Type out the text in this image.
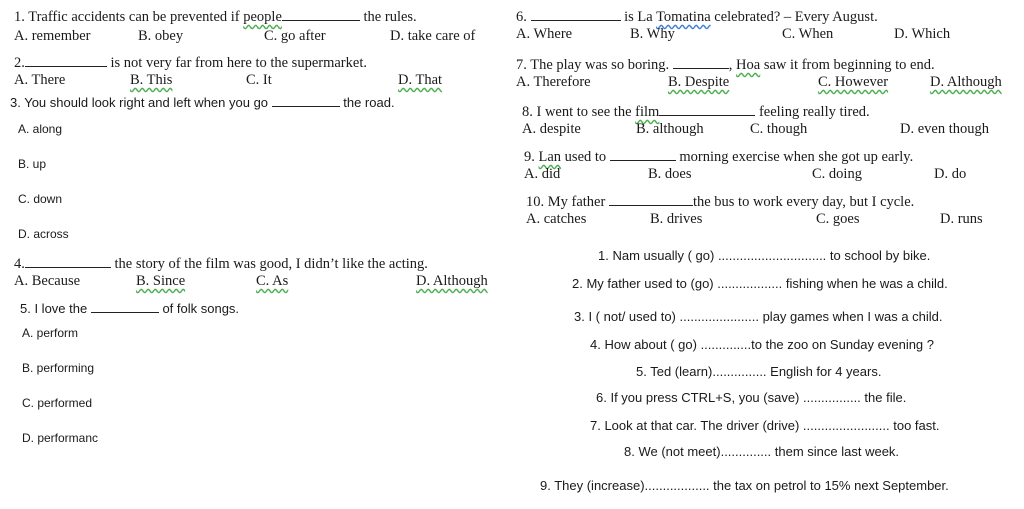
1. Traffic accidents can be prevented if people	the rules.
A. remember	B. obey	C. go after	D. take care of
2.	is not very far from here to the supermarket.
A. There	B. This	C. It	D. That
3. You should look right and left when you go	the road.
A. along
B. up
C. down
D. across
4.	the story of the film was good, I didn’t like the acting.
A. Because	B. Since	C. As	D. Although
5. I love the	of folk songs.
A. perform
B. performing
C. performed
D. performanc
6.	is La Tomatina celebrated? – Every August.
A. Where	B. Why	C. When	D. Which
7. The play was so boring.	, Hoa saw it from beginning to end.
A. Therefore	B. Despite	C. However	D. Although
8. I went to see the film	feeling really tired.
A. despite	B. although	C. though	D. even though
9. Lan used to	morning exercise when she got up early.
A. did	B. does	C. doing	D. do
10. My father	the bus to work every day, but I cycle.
A. catches	B. drives	C. goes	D. runs
1. Nam usually ( go) .............................. to school by bike.
2. My father used to (go) .................. fishing when he was a child.
3. I ( not/ used to) ...................... play games when I was a child.
4. How about ( go) ..............to the zoo on Sunday evening ?
5. Ted (learn)............... English for 4 years.
6. If you press CTRL+S, you (save) ................ the file.
7. Look at that car. The driver (drive) ........................ too fast.
8. We (not meet).............. them since last week.
9. They (increase).................. the tax on petrol to 15% next September.
